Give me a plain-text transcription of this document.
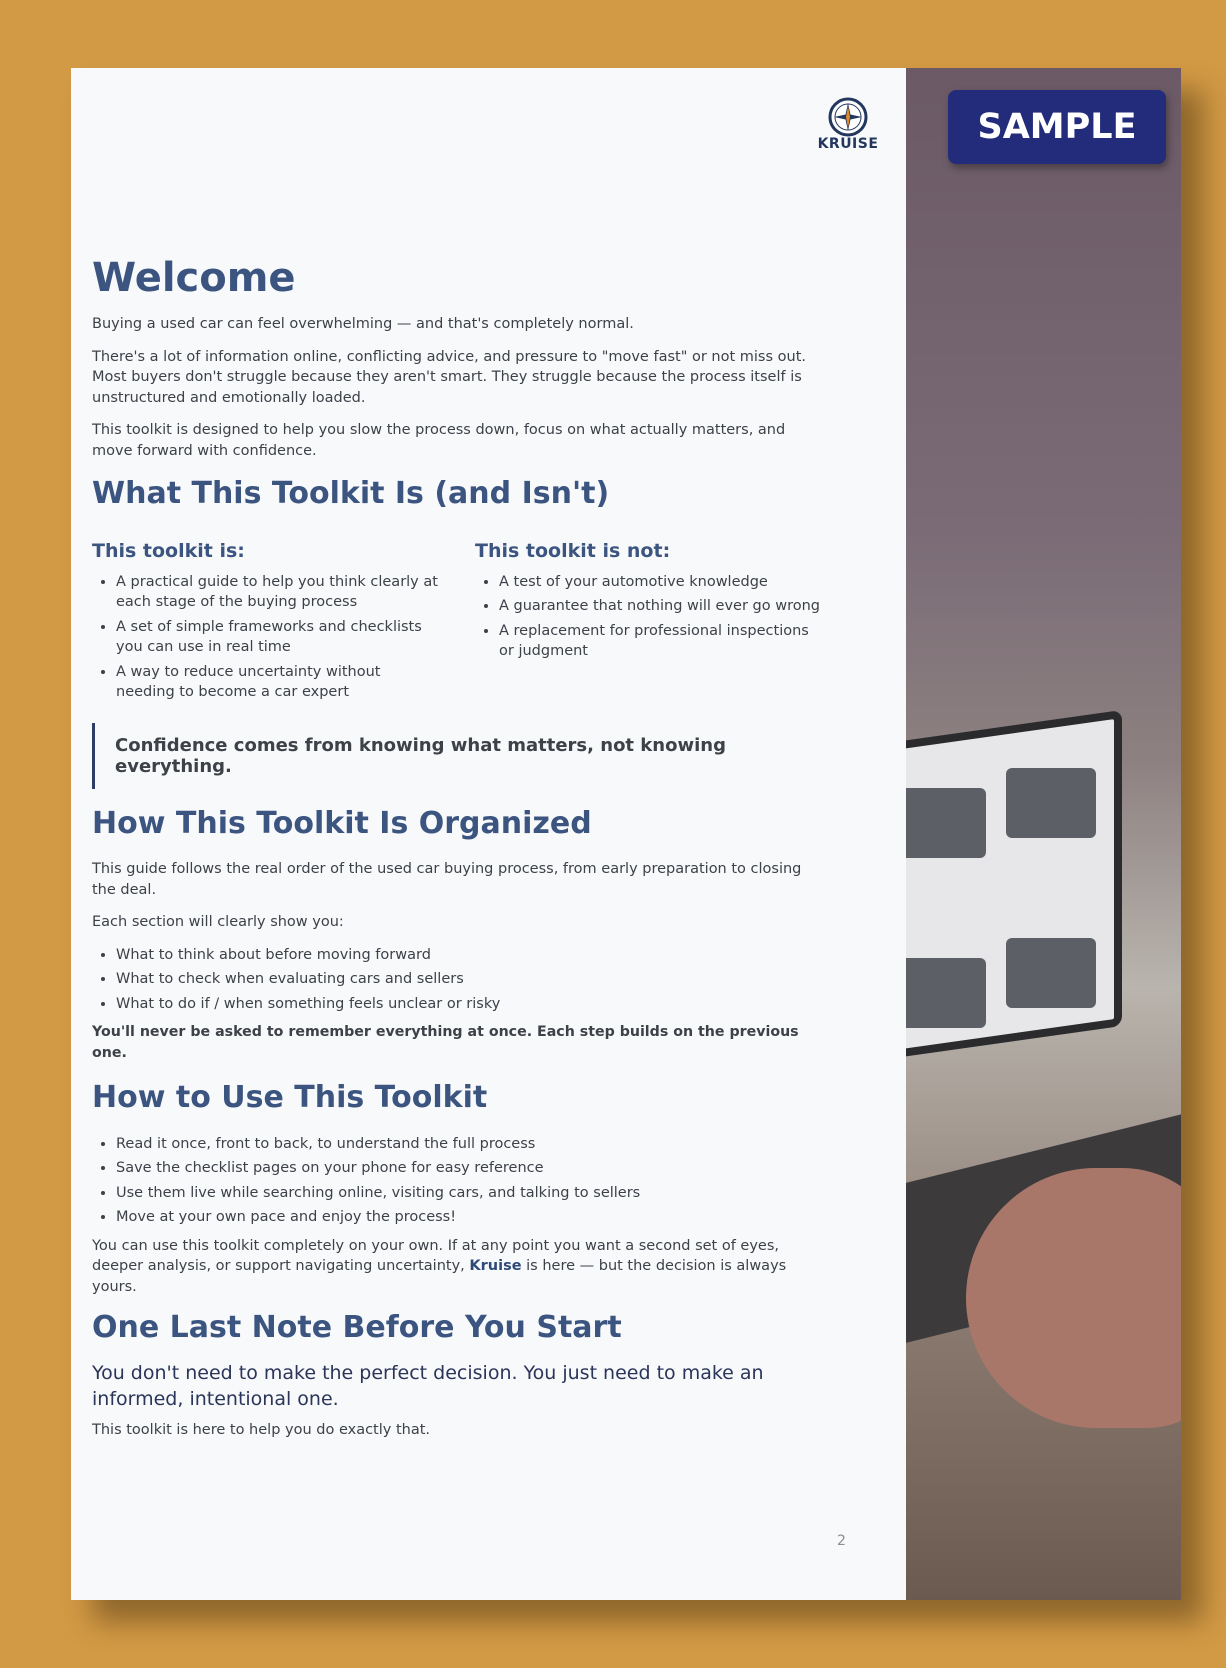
SAMPLE
KRUISE
Welcome

Buying a used car can feel overwhelming — and that's completely normal.

There's a lot of information online, conflicting advice, and pressure to "move fast" or not miss out. Most buyers don't struggle because they aren't smart. They struggle because the process itself is unstructured and emotionally loaded.

This toolkit is designed to help you slow the process down, focus on what actually matters, and move forward with confidence.

What This Toolkit Is (and Isn't)
This toolkit is:
• A practical guide to help you think clearly at each stage of the buying process
• A set of simple frameworks and checklists you can use in real time
• A way to reduce uncertainty without needing to become a car expert
This toolkit is not:
• A test of your automotive knowledge
• A guarantee that nothing will ever go wrong
• A replacement for professional inspections or judgment
Confidence comes from knowing what matters, not knowing everything.
How This Toolkit Is Organized

This guide follows the real order of the used car buying process, from early preparation to closing the deal.

Each section will clearly show you:

• What to think about before moving forward
• What to check when evaluating cars and sellers
• What to do if / when something feels unclear or risky

You'll never be asked to remember everything at once. Each step builds on the previous one.

How to Use This Toolkit
• Read it once, front to back, to understand the full process
• Save the checklist pages on your phone for easy reference
• Use them live while searching online, visiting cars, and talking to sellers
• Move at your own pace and enjoy the process!

You can use this toolkit completely on your own. If at any point you want a second set of eyes, deeper analysis, or support navigating uncertainty, Kruise is here — but the decision is always yours.

One Last Note Before You Start

You don't need to make the perfect decision. You just need to make an informed, intentional one.

This toolkit is here to help you do exactly that.

2
